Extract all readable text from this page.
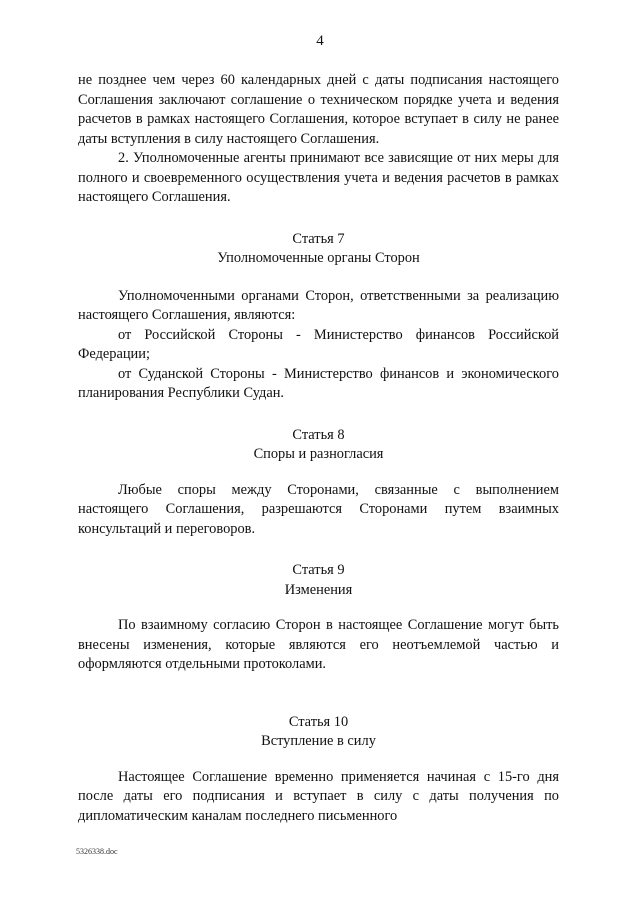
4

не позднее чем через 60 календарных дней с даты подписания настоящего Соглашения заключают соглашение о техническом порядке учета и ведения расчетов в рамках настоящего Соглашения, которое вступает в силу не ранее даты вступления в силу настоящего Соглашения.

2. Уполномоченные агенты принимают все зависящие от них меры для полного и своевременного осуществления учета и ведения расчетов в рамках настоящего Соглашения.

Статья 7
Уполномоченные органы Сторон

Уполномоченными органами Сторон, ответственными за реализацию настоящего Соглашения, являются:

от Российской Стороны - Министерство финансов Российской Федерации;

от Суданской Стороны - Министерство финансов и экономического планирования Республики Судан.

Статья 8
Споры и разногласия

Любые споры между Сторонами, связанные с выполнением настоящего Соглашения, разрешаются Сторонами путем взаимных консультаций и переговоров.

Статья 9
Изменения

По взаимному согласию Сторон в настоящее Соглашение могут быть внесены изменения, которые являются его неотъемлемой частью и оформляются отдельными протоколами.

Статья 10
Вступление в силу

Настоящее Соглашение временно применяется начиная с 15-го дня после даты его подписания и вступает в силу с даты получения по дипломатическим каналам последнего письменного

5326338.doc
